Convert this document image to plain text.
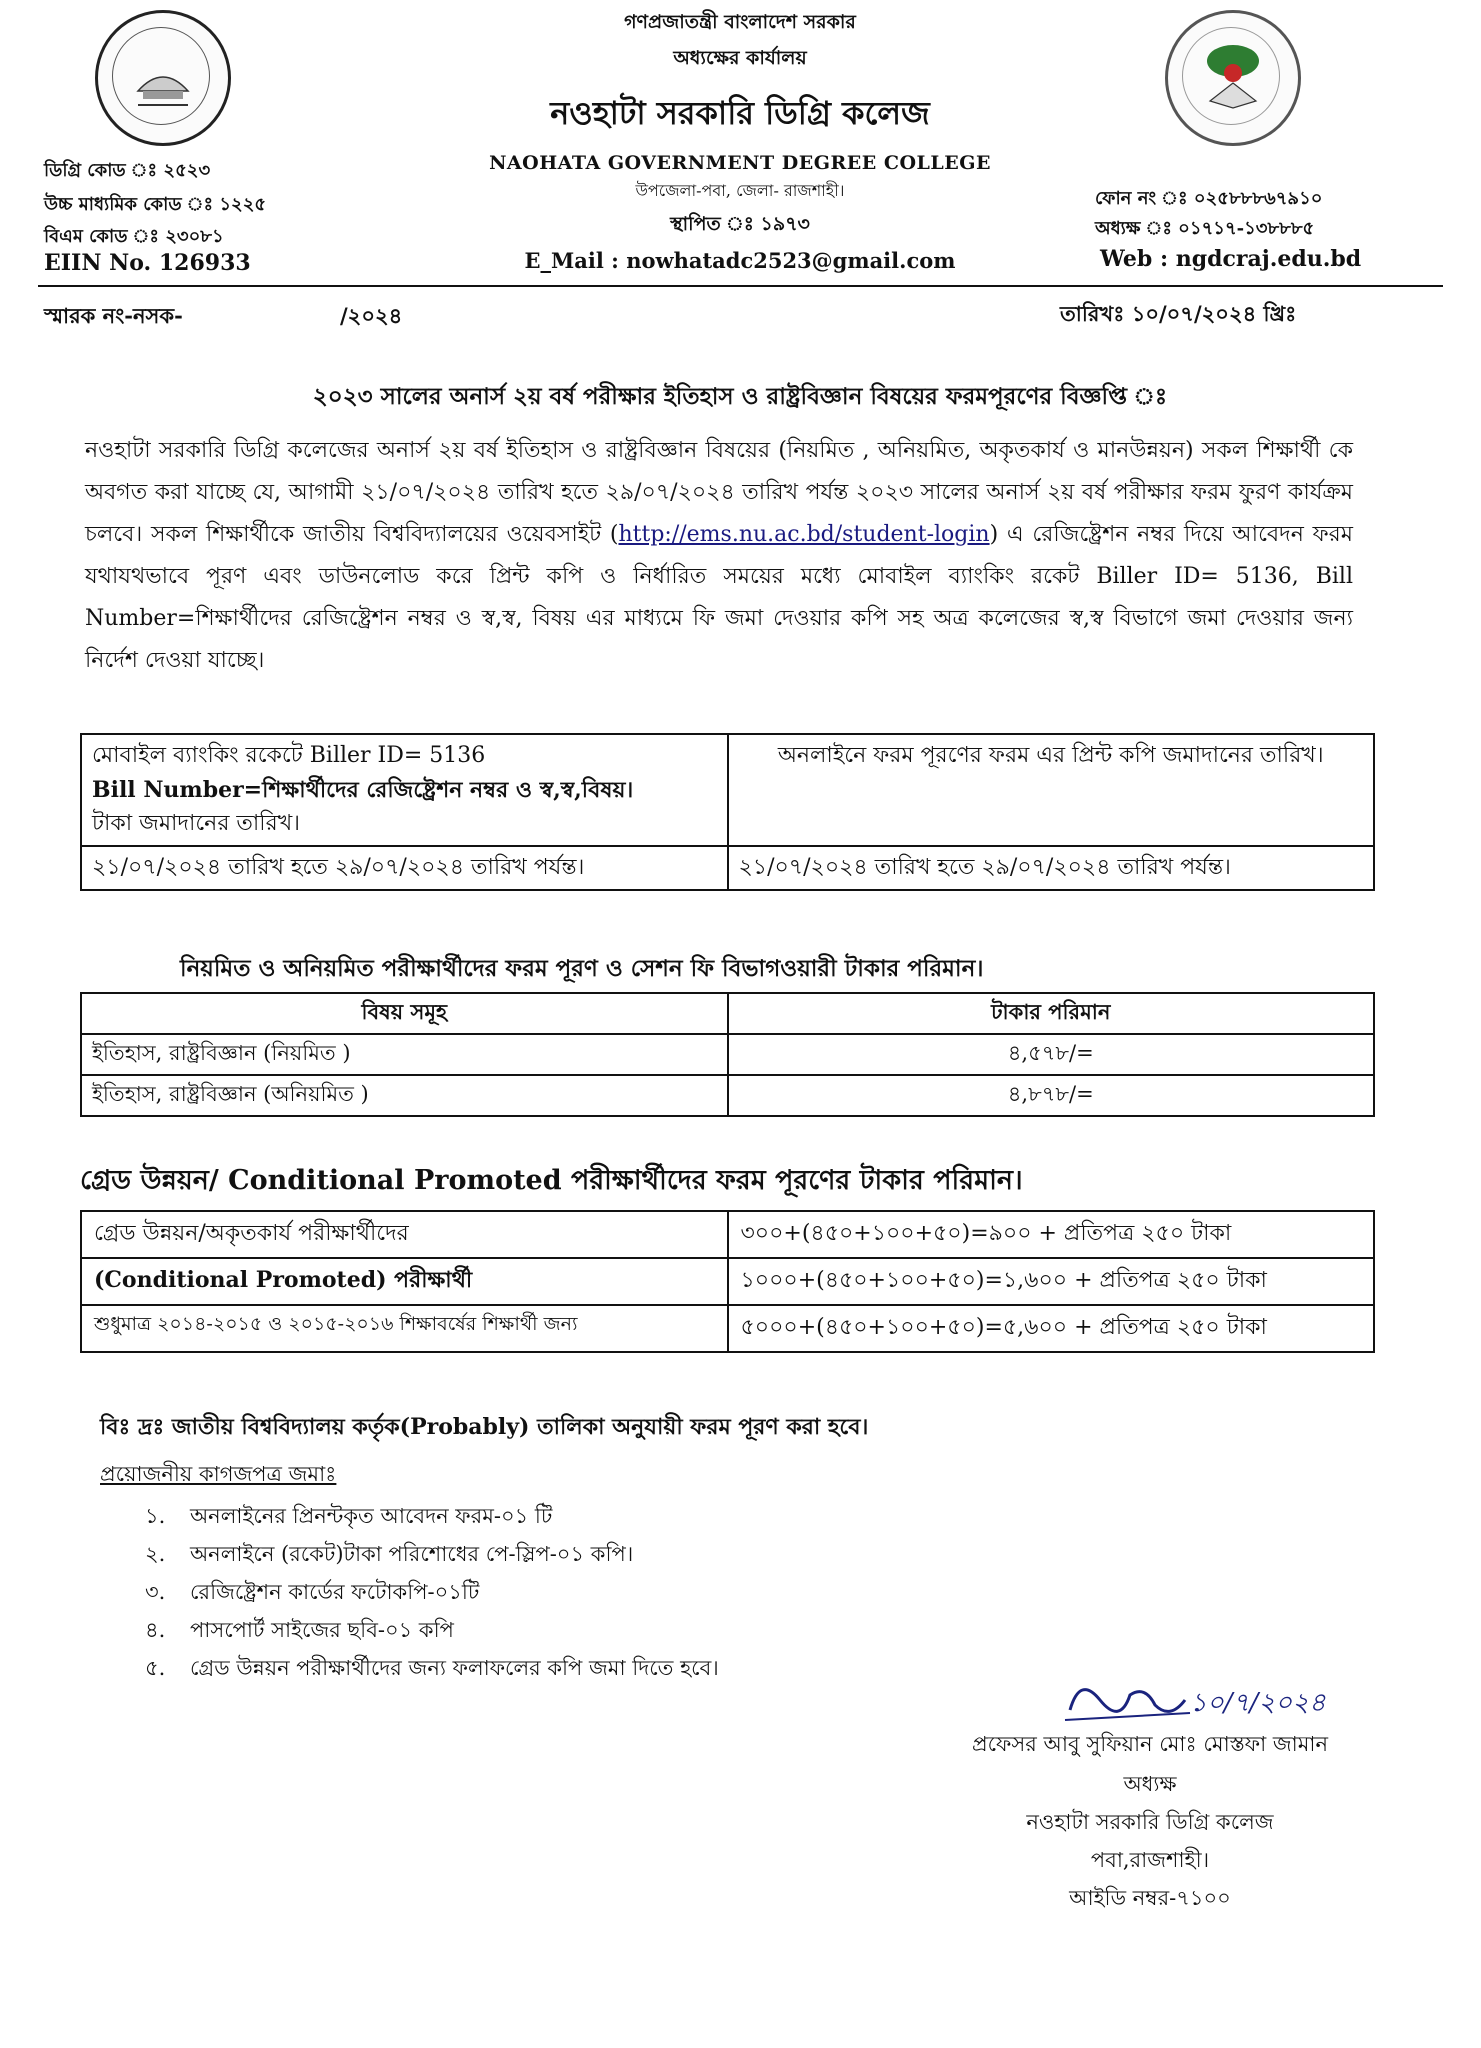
গণপ্রজাতন্ত্রী বাংলাদেশ সরকার
অধ্যক্ষের কার্যালয়
নওহাটা সরকারি ডিগ্রি কলেজ
NAOHATA GOVERNMENT DEGREE COLLEGE
উপজেলা-পবা, জেলা- রাজশাহী।
স্থাপিত ঃ ১৯৭৩
E_Mail : nowhatadc2523@gmail.com
ডিগ্রি কোড ঃ ২৫২৩
উচ্চ মাধ্যমিক কোড ঃ ১২২৫
বিএম কোড ঃ ২৩০৮১
EIIN No. 126933
ফোন নং ঃ ০২৫৮৮৮৬৭৯১০
অধ্যক্ষ ঃ ০১৭১৭-১৩৮৮৮৫
Web : ngdcraj.edu.bd
স্মারক নং-নসক-	/২০২৪	তারিখঃ ১০/০৭/২০২৪ খ্রিঃ
২০২৩ সালের অনার্স ২য় বর্ষ পরীক্ষার ইতিহাস ও রাষ্ট্রবিজ্ঞান বিষয়ের ফরমপূরণের বিজ্ঞপ্তি ঃ
নওহাটা সরকারি ডিগ্রি কলেজের অনার্স ২য় বর্ষ ইতিহাস ও রাষ্ট্রবিজ্ঞান বিষয়ের (নিয়মিত , অনিয়মিত, অকৃতকার্য ও মানউন্নয়ন) সকল শিক্ষার্থী কে অবগত করা যাচ্ছে যে, আগামী ২১/০৭/২০২৪ তারিখ হতে ২৯/০৭/২০২৪ তারিখ পর্যন্ত ২০২৩ সালের অনার্স ২য় বর্ষ পরীক্ষার ফরম ফুরণ কার্যক্রম চলবে। সকল শিক্ষার্থীকে জাতীয় বিশ্ববিদ্যালয়ের ওয়েবসাইট (http://ems.nu.ac.bd/student-login) এ রেজিষ্ট্রেশন নম্বর দিয়ে আবেদন ফরম যথাযথভাবে পূরণ এবং ডাউনলোড করে প্রিন্ট কপি ও নির্ধারিত সময়ের মধ্যে মোবাইল ব্যাংকিং রকেট Biller ID= 5136, Bill Number=শিক্ষার্থীদের রেজিষ্ট্রেশন নম্বর ও স্ব,স্ব, বিষয় এর মাধ্যমে ফি জমা দেওয়ার কপি সহ অত্র কলেজের স্ব,স্ব বিভাগে জমা দেওয়ার জন্য নির্দেশ দেওয়া যাচ্ছে।
মোবাইল ব্যাংকিং রকেটে Biller ID= 5136
Bill Number=শিক্ষার্থীদের রেজিষ্ট্রেশন নম্বর ও স্ব,স্ব,বিষয়।
টাকা জমাদানের তারিখ।	অনলাইনে ফরম পূরণের ফরম এর প্রিন্ট কপি জমাদানের তারিখ।

২১/০৭/২০২৪ তারিখ হতে ২৯/০৭/২০২৪ তারিখ পর্যন্ত।	২১/০৭/২০২৪ তারিখ হতে ২৯/০৭/২০২৪ তারিখ পর্যন্ত।
নিয়মিত ও অনিয়মিত পরীক্ষার্থীদের ফরম পূরণ ও সেশন ফি বিভাগওয়ারী টাকার পরিমান।
বিষয় সমূহ	টাকার পরিমান
ইতিহাস, রাষ্ট্রবিজ্ঞান (নিয়মিত )	৪,৫৭৮/=
ইতিহাস, রাষ্ট্রবিজ্ঞান (অনিয়মিত )	৪,৮৭৮/=
গ্রেড উন্নয়ন/ Conditional Promoted পরীক্ষার্থীদের ফরম পূরণের টাকার পরিমান।
গ্রেড উন্নয়ন/অকৃতকার্য পরীক্ষার্থীদের	৩০০+(৪৫০+১০০+৫০)=৯০০ + প্রতিপত্র ২৫০ টাকা
(Conditional Promoted) পরীক্ষার্থী	১০০০+(৪৫০+১০০+৫০)=১,৬০০ + প্রতিপত্র ২৫০ টাকা
শুধুমাত্র ২০১৪-২০১৫ ও ২০১৫-২০১৬ শিক্ষাবর্ষের শিক্ষার্থী জন্য	৫০০০+(৪৫০+১০০+৫০)=৫,৬০০ + প্রতিপত্র ২৫০ টাকা
বিঃ দ্রঃ জাতীয় বিশ্ববিদ্যালয় কর্তৃক(Probably) তালিকা অনুযায়ী ফরম পূরণ করা হবে।
প্রয়োজনীয় কাগজপত্র জমাঃ
১. অনলাইনের প্রিনন্টকৃত আবেদন ফরম-০১ টি
২. অনলাইনে (রকেট)টাকা পরিশোধের পে-স্লিপ-০১ কপি।
৩. রেজিষ্ট্রেশন কার্ডের ফটোকপি-০১টি
৪. পাসপোর্ট সাইজের ছবি-০১ কপি
৫. গ্রেড উন্নয়ন পরীক্ষার্থীদের জন্য ফলাফলের কপি জমা দিতে হবে।
১০/৭/২০২৪
প্রফেসর আবু সুফিয়ান মোঃ মোস্তফা জামান
অধ্যক্ষ
নওহাটা সরকারি ডিগ্রি কলেজ
পবা,রাজশাহী।
আইডি নম্বর-৭১০০
